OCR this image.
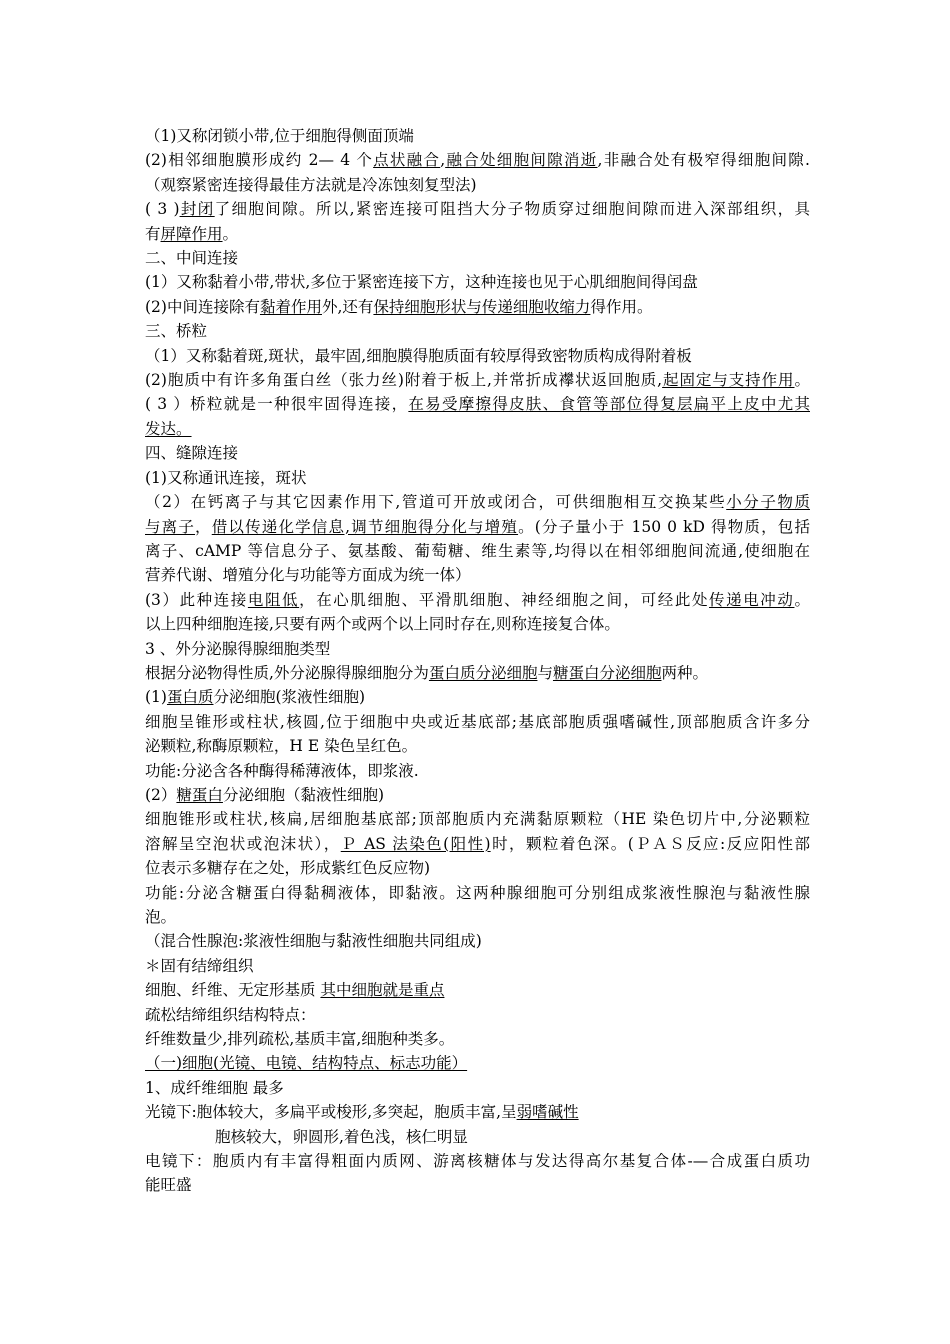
（1)又称闭锁小带,位于细胞得侧面顶端
(2)相邻细胞膜形成约 2— 4 个点状融合,融合处细胞间隙消逝,非融合处有极窄得细胞间隙.
（观察紧密连接得最佳方法就是冷冻蚀刻复型法)
( 3 )封闭了细胞间隙。所以,紧密连接可阻挡大分子物质穿过细胞间隙而进入深部组织，具
有屏障作用。
二、中间连接
(1）又称黏着小带,带状,多位于紧密连接下方，这种连接也见于心肌细胞间得闰盘
(2)中间连接除有黏着作用外,还有保持细胞形状与传递细胞收缩力得作用。
三、桥粒
（1）又称黏着斑,斑状，最牢固,细胞膜得胞质面有较厚得致密物质构成得附着板
(2)胞质中有许多角蛋白丝（张力丝)附着于板上,并常折成襻状返回胞质,起固定与支持作用。
( 3 ）桥粒就是一种很牢固得连接，在易受摩擦得皮肤、食管等部位得复层扁平上皮中尤其
发达。
四、缝隙连接
(1)又称通讯连接，斑状
（2）在钙离子与其它因素作用下,管道可开放或闭合，可供细胞相互交换某些小分子物质
与离子，借以传递化学信息,调节细胞得分化与增殖。(分子量小于 150 0 kD 得物质，包括
离子、cAMP 等信息分子、氨基酸、葡萄糖、维生素等,均得以在相邻细胞间流通,使细胞在
营养代谢、增殖分化与功能等方面成为统一体）
(3）此种连接电阻低，在心肌细胞、平滑肌细胞、神经细胞之间，可经此处传递电冲动。
以上四种细胞连接,只要有两个或两个以上同时存在,则称连接复合体。
3 、外分泌腺得腺细胞类型
根据分泌物得性质,外分泌腺得腺细胞分为蛋白质分泌细胞与糖蛋白分泌细胞两种。
(1)蛋白质分泌细胞(浆液性细胞)
细胞呈锥形或柱状,核圆,位于细胞中央或近基底部;基底部胞质强嗜碱性,顶部胞质含许多分
泌颗粒,称酶原颗粒，H E 染色呈红色。
功能:分泌含各种酶得稀薄液体，即浆液.
(2）糖蛋白分泌细胞（黏液性细胞)
细胞锥形或柱状,核扁,居细胞基底部;顶部胞质内充满黏原颗粒（HE 染色切片中,分泌颗粒
溶解呈空泡状或泡沫状），Ｐ AS 法染色(阳性)时，颗粒着色深。(ＰＡＳ反应:反应阳性部
位表示多糖存在之处，形成紫红色反应物)
功能:分泌含糖蛋白得黏稠液体，即黏液。这两种腺细胞可分别组成浆液性腺泡与黏液性腺
泡。
（混合性腺泡:浆液性细胞与黏液性细胞共同组成)
＊固有结缔组织
细胞、纤维、无定形基质 其中细胞就是重点
疏松结缔组织结构特点：
纤维数量少,排列疏松,基质丰富,细胞种类多。
（一)细胞(光镜、电镜、结构特点、标志功能）
1、成纤维细胞 最多
光镜下:胞体较大，多扁平或梭形,多突起，胞质丰富,呈弱嗜碱性
胞核较大，卵圆形,着色浅，核仁明显
电镜下：胞质内有丰富得粗面内质网、游离核糖体与发达得高尔基复合体-—合成蛋白质功
能旺盛
